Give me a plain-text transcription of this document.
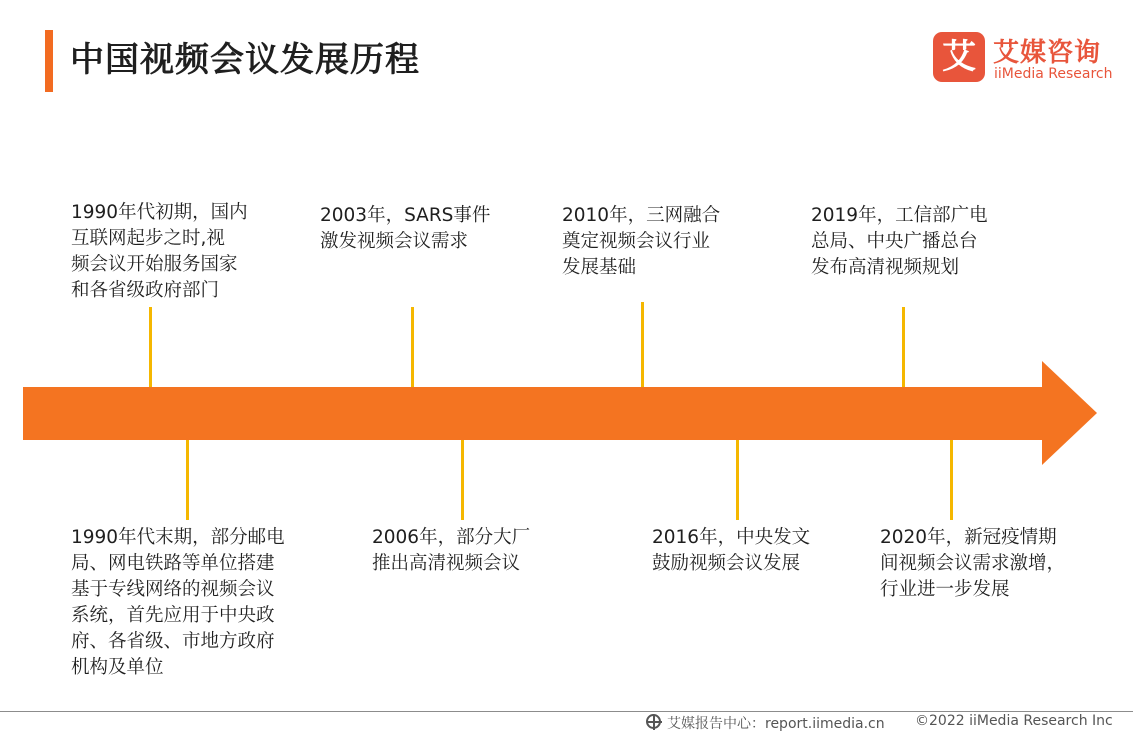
中国视频会议发展历程	艾 艾媒咨询
iiMedia Research
1990年代初期，国内
互联网起步之时,视
频会议开始服务国家
和各省级政府部门
2003年，SARS事件
激发视频会议需求
2010年，三网融合
奠定视频会议行业
发展基础
2019年，工信部广电
总局、中央广播总台
发布高清视频规划
1990年代末期，部分邮电
局、网电铁路等单位搭建
基于专线网络的视频会议
系统，首先应用于中央政
府、各省级、市地方政府
机构及单位
2006年，部分大厂
推出高清视频会议
2016年，中央发文
鼓励视频会议发展
2020年，新冠疫情期
间视频会议需求激增，
行业进一步发展
艾媒报告中心：report.iimedia.cn ©2022 iiMedia Research Inc
